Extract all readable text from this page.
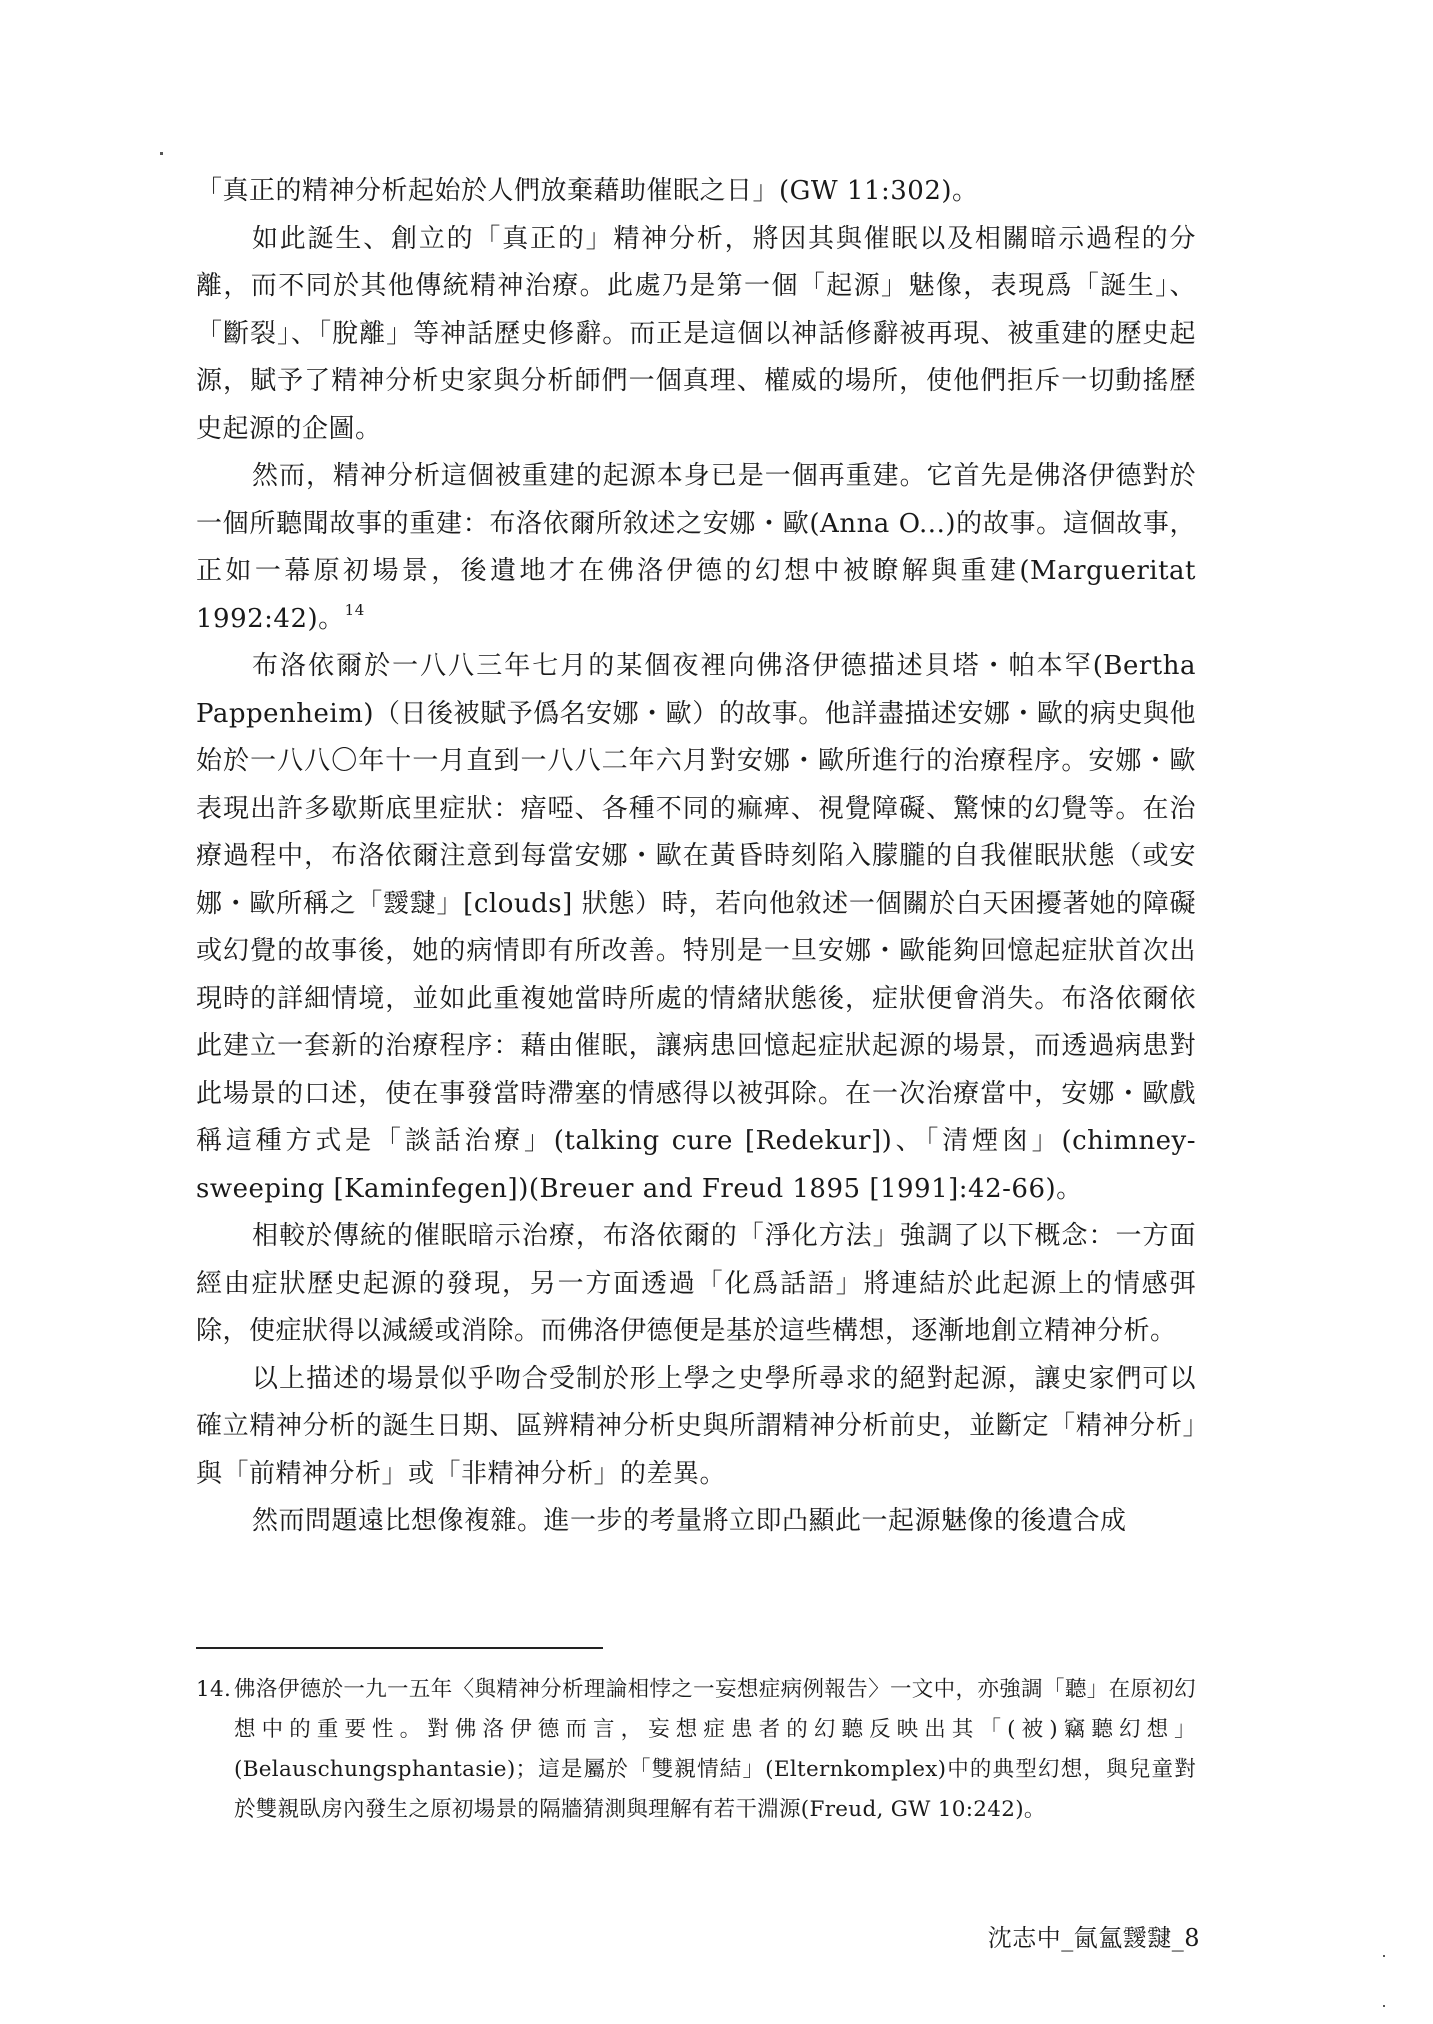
「真正的精神分析起始於人們放棄藉助催眠之日」(GW 11:302)。

如此誕生、創立的「真正的」精神分析，將因其與催眠以及相關暗示過程的分離，而不同於其他傳統精神治療。此處乃是第一個「起源」魅像，表現爲「誕生」、「斷裂」、「脫離」等神話歷史修辭。而正是這個以神話修辭被再現、被重建的歷史起源，賦予了精神分析史家與分析師們一個真理、權威的場所，使他們拒斥一切動搖歷史起源的企圖。

然而，精神分析這個被重建的起源本身已是一個再重建。它首先是佛洛伊德對於一個所聽聞故事的重建：布洛依爾所敘述之安娜・歐(Anna O...)的故事。這個故事，正如一幕原初場景，後遺地才在佛洛伊德的幻想中被瞭解與重建(Margueritat 1992:42)。$^{14}$

布洛依爾於一八八三年七月的某個夜裡向佛洛伊德描述貝塔・帕本罕(Bertha Pappenheim)（日後被賦予僞名安娜・歐）的故事。他詳盡描述安娜・歐的病史與他始於一八八〇年十一月直到一八八二年六月對安娜・歐所進行的治療程序。安娜・歐表現出許多歇斯底里症狀：瘖啞、各種不同的痲痺、視覺障礙、驚悚的幻覺等。在治療過程中，布洛依爾注意到每當安娜・歐在黃昏時刻陷入朦朧的自我催眠狀態（或安娜・歐所稱之「靉靆」[clouds] 狀態）時，若向他敘述一個關於白天困擾著她的障礙或幻覺的故事後，她的病情即有所改善。特別是一旦安娜・歐能夠回憶起症狀首次出現時的詳細情境，並如此重複她當時所處的情緒狀態後，症狀便會消失。布洛依爾依此建立一套新的治療程序：藉由催眠，讓病患回憶起症狀起源的場景，而透過病患對此場景的口述，使在事發當時滯塞的情感得以被弭除。在一次治療當中，安娜・歐戲稱這種方式是「談話治療」(talking cure [Redekur])、「清煙囪」(chimney-sweeping [Kaminfegen])(Breuer and Freud 1895 [1991]:42-66)。

相較於傳統的催眠暗示治療，布洛依爾的「淨化方法」強調了以下概念：一方面經由症狀歷史起源的發現，另一方面透過「化爲話語」將連結於此起源上的情感弭除，使症狀得以減緩或消除。而佛洛伊德便是基於這些構想，逐漸地創立精神分析。

以上描述的場景似乎吻合受制於形上學之史學所尋求的絕對起源，讓史家們可以確立精神分析的誕生日期、區辨精神分析史與所謂精神分析前史，並斷定「精神分析」與「前精神分析」或「非精神分析」的差異。

然而問題遠比想像複雜。進一步的考量將立即凸顯此一起源魅像的後遺合成

14. 佛洛伊德於一九一五年〈與精神分析理論相悖之一妄想症病例報告〉一文中，亦強調「聽」在原初幻想中的重要性。對佛洛伊德而言，妄想症患者的幻聽反映出其「(被)竊聽幻想」(Belauschungsphantasie)；這是屬於「雙親情結」(Elternkomplex)中的典型幻想，與兒童對於雙親臥房內發生之原初場景的隔牆猜測與理解有若干淵源(Freud, GW 10:242)。
沈志中_氤氳靉靆_8
